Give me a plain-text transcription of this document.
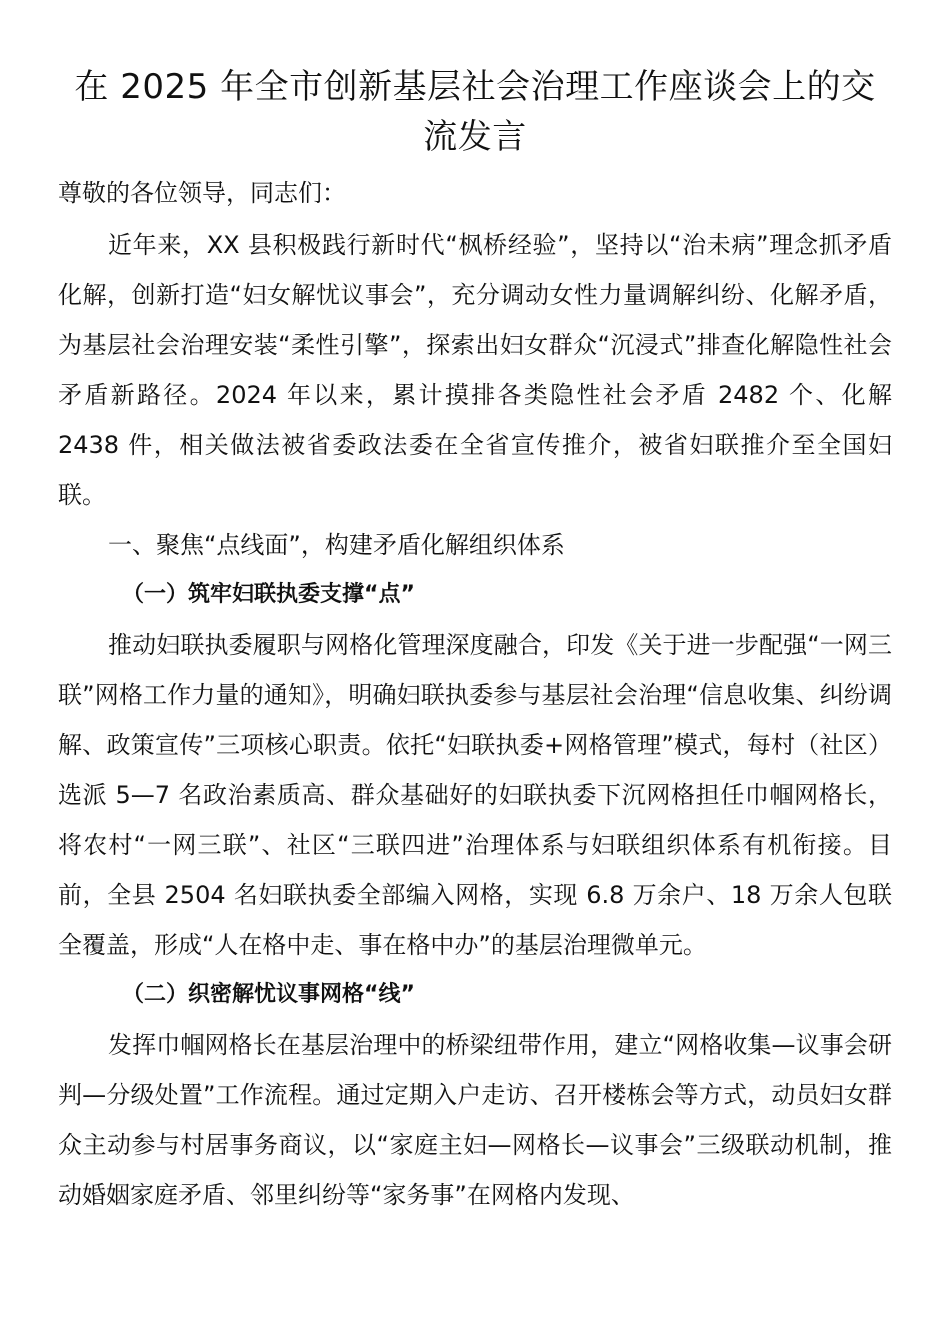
在 2025 年全市创新基层社会治理工作座谈会上的交流发言

尊敬的各位领导，同志们：

近年来，XX 县积极践行新时代“枫桥经验”，坚持以“治未病”理念抓矛盾化解，创新打造“妇女解忧议事会”，充分调动女性力量调解纠纷、化解矛盾，为基层社会治理安装“柔性引擎”，探索出妇女群众“沉浸式”排查化解隐性社会矛盾新路径。2024 年以来，累计摸排各类隐性社会矛盾 2482 个、化解 2438 件，相关做法被省委政法委在全省宣传推介，被省妇联推介至全国妇联。

一、聚焦“点线面”，构建矛盾化解组织体系

（一）筑牢妇联执委支撑“点”

推动妇联执委履职与网格化管理深度融合，印发《关于进一步配强“一网三联”网格工作力量的通知》，明确妇联执委参与基层社会治理“信息收集、纠纷调解、政策宣传”三项核心职责。依托“妇联执委+网格管理”模式，每村（社区）选派 5—7 名政治素质高、群众基础好的妇联执委下沉网格担任巾帼网格长，将农村“一网三联”、社区“三联四进”治理体系与妇联组织体系有机衔接。目前，全县 2504 名妇联执委全部编入网格，实现 6.8 万余户、18 万余人包联全覆盖，形成“人在格中走、事在格中办”的基层治理微单元。

（二）织密解忧议事网格“线”

发挥巾帼网格长在基层治理中的桥梁纽带作用，建立“网格收集—议事会研判—分级处置”工作流程。通过定期入户走访、召开楼栋会等方式，动员妇女群众主动参与村居事务商议，以“家庭主妇—网格长—议事会”三级联动机制，推动婚姻家庭矛盾、邻里纠纷等“家务事”在网格内发现、
